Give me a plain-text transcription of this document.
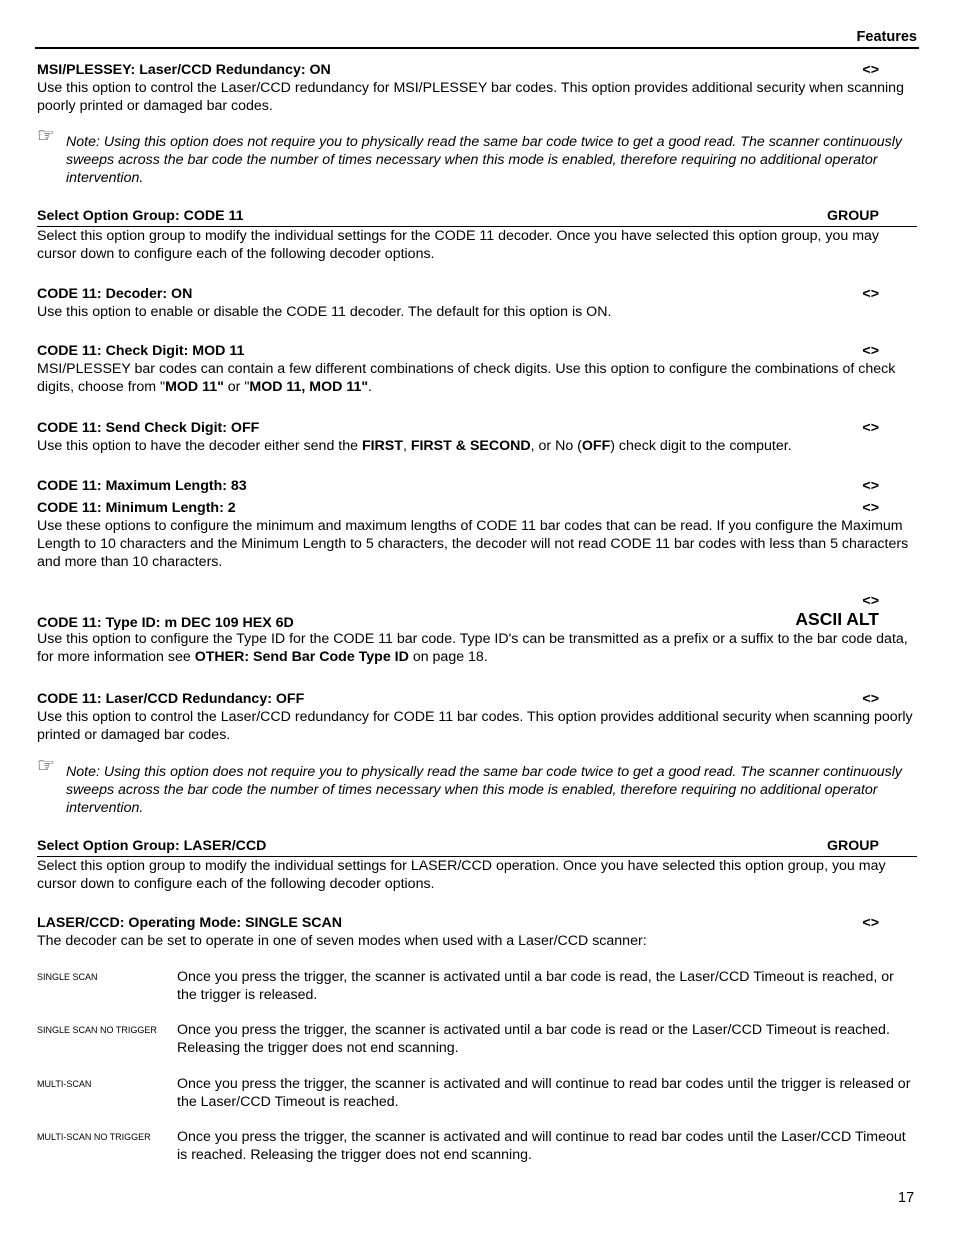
Features
MSI/PLESSEY: Laser/CCD Redundancy: ON	<>

Use this option to control the Laser/CCD redundancy for MSI/PLESSEY bar codes. This option provides additional security when scanning poorly printed or damaged bar codes.

☞ Note: Using this option does not require you to physically read the same bar code twice to get a good read. The scanner continuously sweeps across the bar code the number of times necessary when this mode is enabled, therefore requiring no additional operator intervention.

Select Option Group: CODE 11	GROUP

Select this option group to modify the individual settings for the CODE 11 decoder. Once you have selected this option group, you may cursor down to configure each of the following decoder options.

CODE 11: Decoder: ON	<>

Use this option to enable or disable the CODE 11 decoder. The default for this option is ON.

CODE 11: Check Digit: MOD 11	<>

MSI/PLESSEY bar codes can contain a few different combinations of check digits. Use this option to configure the combinations of check digits, choose from "MOD 11" or "MOD 11, MOD 11".

CODE 11: Send Check Digit: OFF	<>

Use this option to have the decoder either send the FIRST, FIRST & SECOND, or No (OFF) check digit to the computer.

CODE 11: Maximum Length: 83	<>
CODE 11: Minimum Length: 2	<>

Use these options to configure the minimum and maximum lengths of CODE 11 bar codes that can be read. If you configure the Maximum Length to 10 characters and the Minimum Length to 5 characters, the decoder will not read CODE 11 bar codes with less than 5 characters and more than 10 characters.

<>
CODE 11: Type ID: m DEC 109 HEX 6D	ASCII ALT

Use this option to configure the Type ID for the CODE 11 bar code. Type ID's can be transmitted as a prefix or a suffix to the bar code data, for more information see OTHER: Send Bar Code Type ID on page 18.

CODE 11: Laser/CCD Redundancy: OFF	<>

Use this option to control the Laser/CCD redundancy for CODE 11 bar codes. This option provides additional security when scanning poorly printed or damaged bar codes.

☞ Note: Using this option does not require you to physically read the same bar code twice to get a good read. The scanner continuously sweeps across the bar code the number of times necessary when this mode is enabled, therefore requiring no additional operator intervention.

Select Option Group: LASER/CCD	GROUP

Select this option group to modify the individual settings for LASER/CCD operation. Once you have selected this option group, you may cursor down to configure each of the following decoder options.

LASER/CCD: Operating Mode: SINGLE SCAN	<>

The decoder can be set to operate in one of seven modes when used with a Laser/CCD scanner:

SINGLE SCAN	Once you press the trigger, the scanner is activated until a bar code is read, the Laser/CCD Timeout is reached, or the trigger is released.

SINGLE SCAN NO TRIGGER Once you press the trigger, the scanner is activated until a bar code is read or the Laser/CCD Timeout is reached. Releasing the trigger does not end scanning.

MULTI-SCAN	Once you press the trigger, the scanner is activated and will continue to read bar codes until the trigger is released or the Laser/CCD Timeout is reached.

MULTI-SCAN NO TRIGGER Once you press the trigger, the scanner is activated and will continue to read bar codes until the Laser/CCD Timeout is reached. Releasing the trigger does not end scanning.

17
